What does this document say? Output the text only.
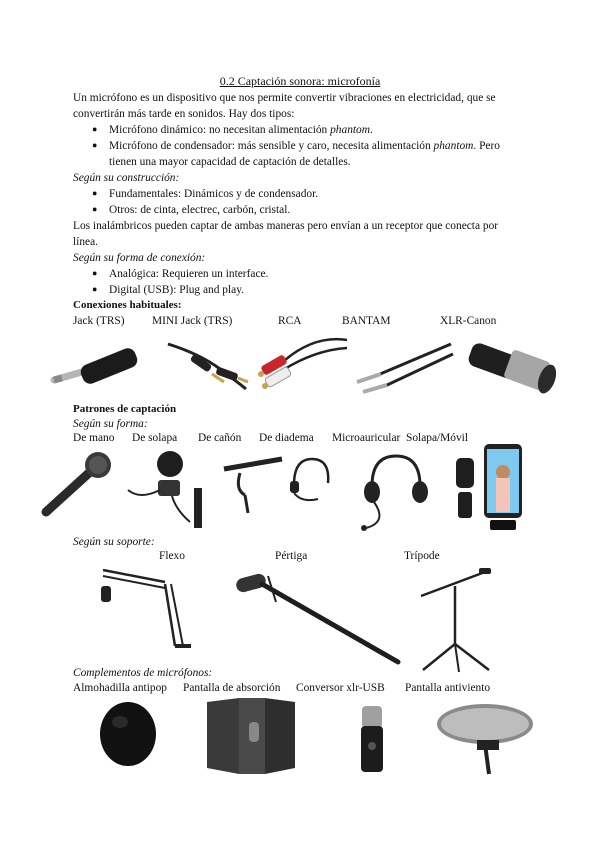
0.2 Captación sonora: microfonía
Un micrófono es un dispositivo que nos permite convertir vibraciones en electricidad, que se
convertirán más tarde en sonidos. Hay dos tipos:
● Micrófono dinámico: no necesitan alimentación phantom.
● Micrófono de condensador: más sensible y caro, necesita alimentación phantom. Pero
tienen una mayor capacidad de captación de detalles.
Según su construcción:
● Fundamentales: Dinámicos y de condensador.
● Otros: de cinta, electrec, carbón, cristal.
Los inalámbricos pueden captar de ambas maneras pero envían a un receptor que conecta por
línea.
Según su forma de conexión:
● Analógica: Requieren un interface.
● Digital (USB): Plug and play.
Conexiones habituales:
Jack (TRS) MINI Jack (TRS)	RCA	BANTAM	XLR-Canon
Patrones de captación
Según su forma:
De mano De solapa De cañón De diadema Microauricular Solapa/Móvil
Según su soporte:
Flexo	Pértiga	Trípode
Complementos de micrófonos:
Almohadilla antipop Pantalla de absorción Conversor xlr-USB Pantalla antiviento
